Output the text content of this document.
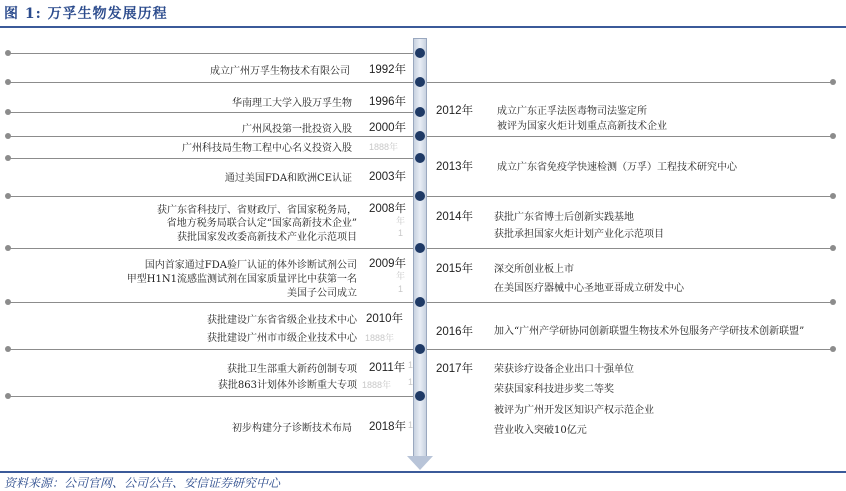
图 1: 万孚生物发展历程
成立广州万孚生物技术有限公司 1992年
华南理工大学入股万孚生物 1996年
广州风投第一批投资入股 2000年
广州科技局生物工程中心名义投资入股 1888年
通过美国FDA和欧洲CE认证 2003年
获广东省科技厅、省财政厅、省国家税务局，
省地方税务局联合认定“国家高新技术企业”
获批国家发改委高新技术产业化示范项目
2008年
年
1
国内首家通过FDA验厂认证的体外诊断试剂公司
甲型H1N1流感监测试剂在国家质量评比中获第一名
美国子公司成立
2009年
年
1
获批建设广东省省级企业技术中心
获批建设广州市市级企业技术中心
2010年
1888年
获批卫生部重大新药创制专项
获批863计划体外诊断重大专项
2011年 1
1888年 1
初步构建分子诊断技术布局 2018年 1
2012年 成立广东正孚法医毒物司法鉴定所
被评为国家火炬计划重点高新技术企业
2013年 成立广东省免疫学快速检测（万孚）工程技术研究中心
2014年 获批广东省博士后创新实践基地
获批承担国家火炬计划产业化示范项目
2015年 深交所创业板上市
在美国医疗器械中心圣地亚哥成立研发中心
2016年 加入“广州产学研协同创新联盟生物技术外包服务产学研技术创新联盟”
2017年 荣获诊疗设备企业出口十强单位
荣获国家科技进步奖二等奖
被评为广州开发区知识产权示范企业
营业收入突破10亿元
资料来源：公司官网、公司公告、安信证券研究中心
